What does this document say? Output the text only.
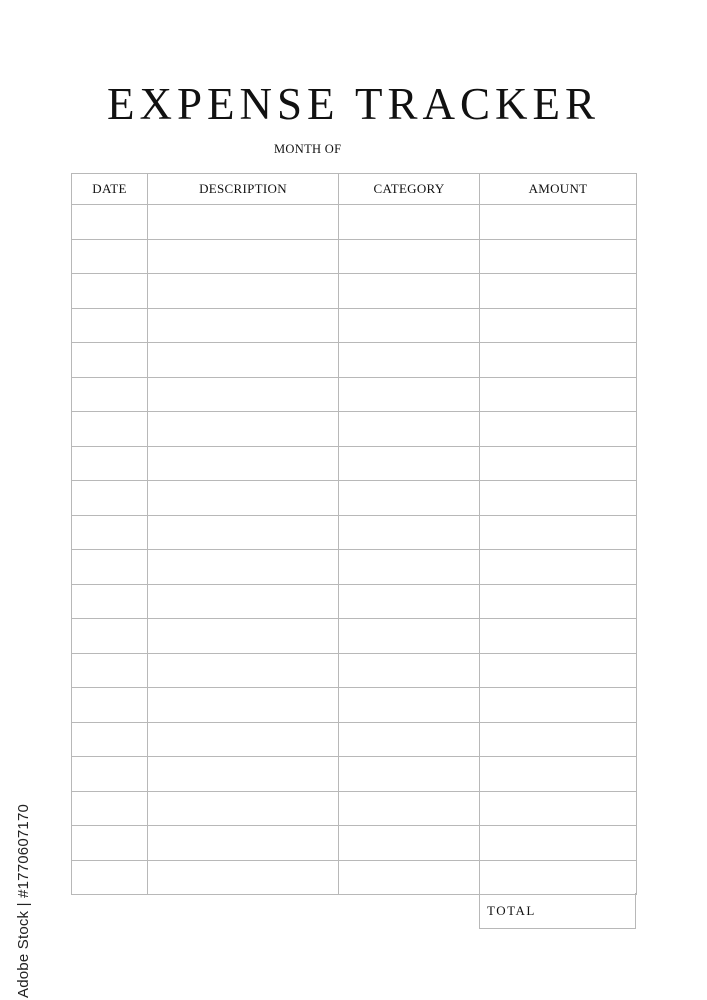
EXPENSE TRACKER
MONTH OF
DATE	DESCRIPTION	CATEGORY	AMOUNT

TOTAL
Adobe Stock | #1770607170
